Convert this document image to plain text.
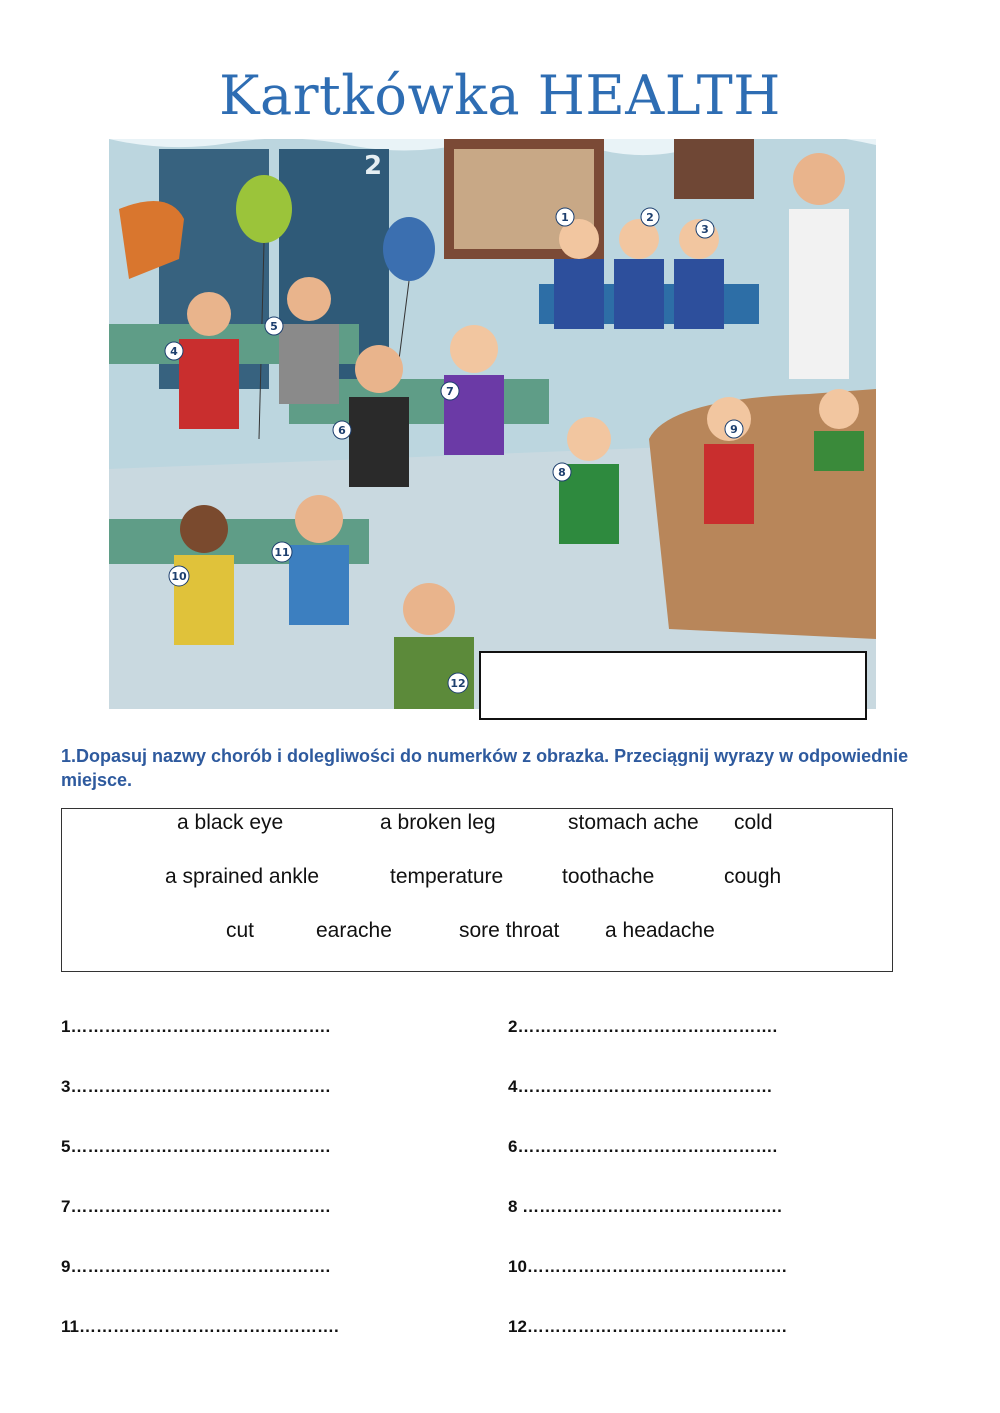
Kartkówka HEALTH
2
1	2
3
4
5
6
7
8
9
10
11
12
1.Dopasuj nazwy chorób i dolegliwości do numerków z obrazka. Przeciągnij wyrazy w odpowiednie miejsce.
a black eye	a broken leg	stomach ache cold
a sprained ankle	temperature	toothache	cough
cut	earache	sore throat a headache
1……………………………………….	2……………………………………….
3……………………………………….	4………………………………………
5……………………………………….	6……………………………………….
7……………………………………….	8 ……………………………………….
9……………………………………….	10……………………………………….
11……………………………………….	12……………………………………….
